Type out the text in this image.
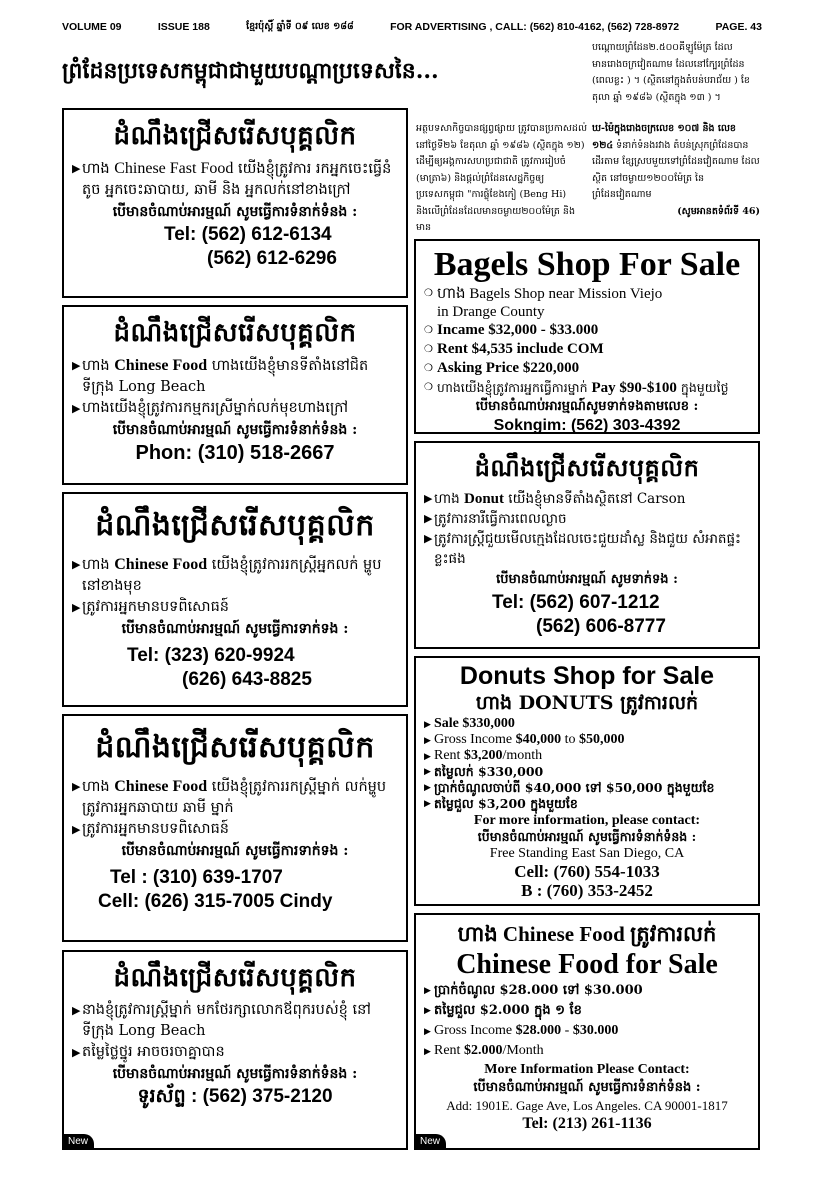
VOLUME 09	ISSUE 188	ខ្មែរប៉ុស្តិ៍ ឆ្នាំទី ០៩ លេខ ១៨៨	FOR ADVERTISING , CALL: (562) 810-4162, (562) 728-8972	PAGE. 43
ព្រំដែនប្រទេសកម្ពុជាជាមួយបណ្តាប្រទេសនៃ...
បណ្តោយព្រំដែន២.៥០០គីឡូម៉ែត្រ ដែល មានរោងចក្រវៀតណាម ដែលនៅក្បែរព្រំដែន (ពេលខ្លះ ) ។ (ស្ថិតនៅក្នុងតំបន់បរាជ័យ ) ខែ តុលា ឆ្នាំ ១៩៨៦ (ស្ថិតក្នុង ១៣ ) ។
អត្ថបទសាកិច្ចបានផ្សព្វផ្សាយ ត្រូវបានប្រកាសដល់ នៅថ្ងៃទី២៦ ខែតុលា ឆ្នាំ ១៩៨៦ (ស្ថិតក្នុង ១២) ដើម្បីឲ្យអង្គការសហប្រជាជាតិ ត្រូវការរៀបចំ (មាត្រា៦) និងផ្តល់ព្រំដែនសេដ្ឋកិច្ចឲ្យ ប្រទេសកម្ពុជា "ការផ្លុំខែងកៀ (Beng Hi) និងលើព្រំដែនដែលមានចម្ងាយ២០០ម៉ែត្រ និងមាន
ឃ-ម៉ៃក្នុងរោងចក្រលេខ ១០៧ និង លេខ ១២៤ ទំនាក់ទំនងរវាង តំបន់ស្រុកព្រំដែនបានដើរតាម ខ្សែស្របមួយទៅព្រំដែនវៀតណាម ដែលស្ថិត នៅចម្ងាយ១២០០ម៉ែត្រ នៃព្រំដែនវៀតណាម
(សូមអានតទំព័រទី 46)
ដំណឹងជ្រើសរើសបុគ្គលិក
▶ ហាង Chinese Fast Food យើងខ្ញុំត្រូវការ រកអ្នកចេះធ្វើនំតូច អ្នកចេះឆាបាយ, ឆាមី និង អ្នកលក់នៅខាងក្រៅ
បើមានចំណាប់អារម្មណ៍ សូមធ្វើការទំនាក់ទំនង :
Tel: (562) 612-6134
(562) 612-6296
ដំណឹងជ្រើសរើសបុគ្គលិក
▶ ហាង Chinese Food ហាងយើងខ្ញុំមានទីតាំងនៅជិត ទីក្រុង Long Beach
▶ ហាងយើងខ្ញុំត្រូវការកម្មករស្រីម្នាក់លក់មុខហាងក្រៅ
បើមានចំណាប់អារម្មណ៍ សូមធ្វើការទំនាក់ទំនង :
Phon: (310) 518-2667
ដំណឹងជ្រើសរើសបុគ្គលិក
▶ ហាង Chinese Food យើងខ្ញុំត្រូវការរកស្ត្រីអ្នកលក់ ម្ហូបនៅខាងមុខ
▶ ត្រូវការអ្នកមានបទពិសោធន៍
បើមានចំណាប់អារម្មណ៍ សូមធ្វើការទាក់ទង :
Tel: (323) 620-9924
(626) 643-8825
ដំណឹងជ្រើសរើសបុគ្គលិក
▶ ហាង Chinese Food យើងខ្ញុំត្រូវការរកស្ត្រីម្នាក់ លក់ម្ហូប ត្រូវការអ្នកឆាបាយ ឆាមី ម្នាក់
▶ ត្រូវការអ្នកមានបទពិសោធន៍
បើមានចំណាប់អារម្មណ៍ សូមធ្វើការទាក់ទង :
Tel : (310) 639-1707
Cell: (626) 315-7005 Cindy
ដំណឹងជ្រើសរើសបុគ្គលិក
▶ នាងខ្ញុំត្រូវការស្ត្រីម្នាក់ មកថែរក្សាលោកឪពុករបស់ខ្ញុំ នៅទីក្រុង Long Beach
▶ តម្លៃថ្លៃថ្នូរ អាចចរចាគ្នាបាន
បើមានចំណាប់អារម្មណ៍ សូមធ្វើការទំនាក់ទំនង :
ទូរស័ព្ទ : (562) 375-2120
New
Bagels Shop For Sale
❍ ហាង Bagels Shop near Mission Viejo
in Drange County
❍ Incame $32,000 - $33.000
❍ Rent $4,535 include COM
❍ Asking Price $220,000
❍ ហាងយើងខ្ញុំត្រូវការអ្នកធ្វើការម្នាក់ Pay $90-$100 ក្នុងមួយថ្ងៃ
បើមានចំណាប់អារម្មណ៍សូមទាក់ទងតាមលេខ :
Sokngim: (562) 303-4392
ដំណឹងជ្រើសរើសបុគ្គលិក
▶ ហាង Donut យើងខ្ញុំមានទីតាំងស្ថិតនៅ Carson
▶ ត្រូវការនារីធ្វើការពេលល្ងាច
▶ ត្រូវការស្ត្រីជួយមើលក្មេងដែលចេះជួយដាំស្ល និងជួយ សំអាតផ្ទះខ្លះផង
បើមានចំណាប់អារម្មណ៍ សូមទាក់ទង :
Tel: (562) 607-1212
(562) 606-8777
Donuts Shop for Sale
ហាង DONUTS ត្រូវការលក់
▶ Sale $330,000
▶ Gross Income $40,000 to $50,000
▶ Rent $3,200/month
▶ តម្លៃលក់ $330,000
▶ ប្រាក់ចំណូលចាប់ពី $40,000 ទៅ $50,000 ក្នុងមួយខែ
▶ តម្លៃជួល $3,200 ក្នុងមួយខែ
For more information, please contact:
បើមានចំណាប់អារម្មណ៍ សូមធ្វើការទំនាក់ទំនង :
Free Standing East San Diego, CA
Cell: (760) 554-1033
B : (760) 353-2452
ហាង Chinese Food ត្រូវការលក់
Chinese Food for Sale
▶ ប្រាក់ចំណូល $28.000 ទៅ $30.000
▶ តម្លៃជួល $2.000 ក្នុង ១ ខែ
▶ Gross Income $28.000 - $30.000
▶ Rent $2.000/Month
More Information Please Contact:
បើមានចំណាប់អារម្មណ៍ សូមធ្វើការទំនាក់ទំនង :
Add: 1901E. Gage Ave, Los Angeles. CA 90001-1817
Tel: (213) 261-1136
New
